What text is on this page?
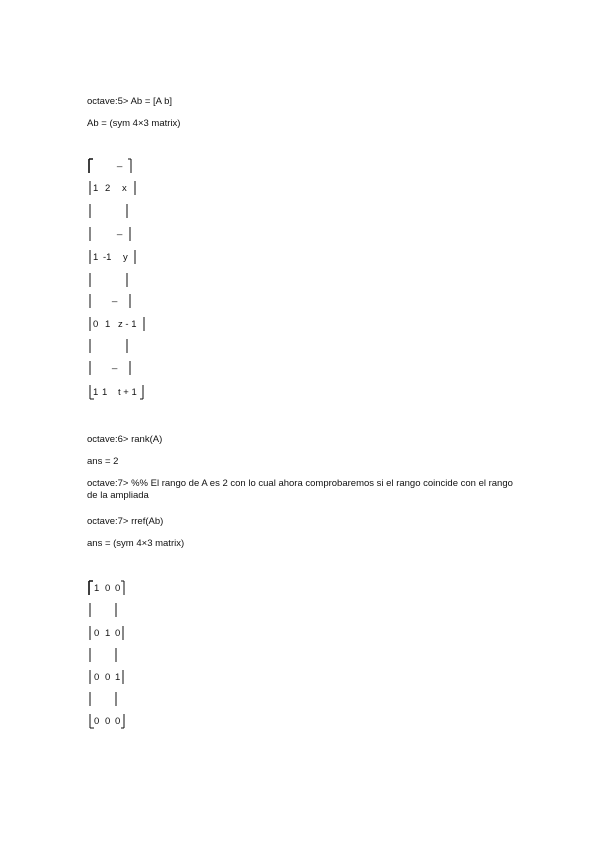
octave:5> Ab = [A b]
Ab = (sym 4×3 matrix)

_

1

2

x

_

1

-1

y

_

0

1

z - 1

_

1

1

t + 1

octave:6> rank(A)
ans = 2
octave:7> %% El rango de A es 2 con lo cual ahora comprobaremos si el rango coincide con el rango de la ampliada
octave:7> rref(Ab)
ans = (sym 4×3 matrix)

1

0

0

0

1

0

0

0

1

0

0

0
